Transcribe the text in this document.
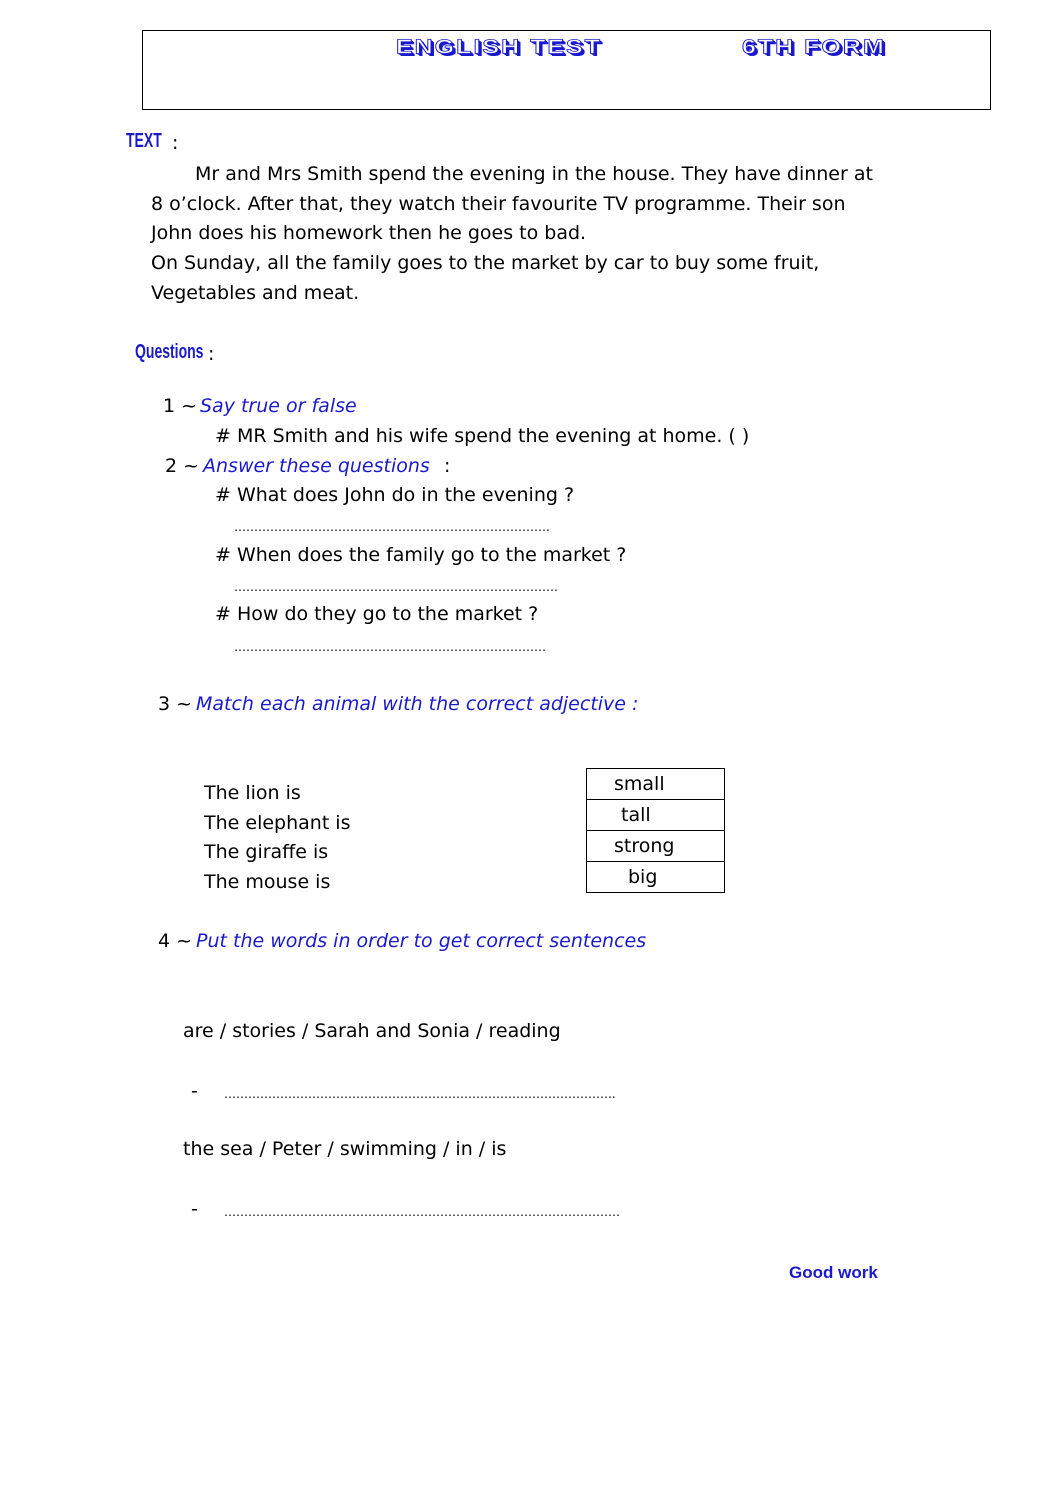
ENGLISH TEST	6TH FORM
TEXT :
Mr and Mrs Smith spend the evening in the house. They have dinner at
8 o’clock. After that, they watch their favourite TV programme. Their son
John does his homework then he goes to bad.
On Sunday, all the family goes to the market by car to buy some fruit,
Vegetables and meat.
Questions :
1 ~ Say true or false
# MR Smith and his wife spend the evening at home. ( )
2 ~ Answer these questions :
# What does John do in the evening ?
…………………………………………………………………….
# When does the family go to the market ?
………………………………………………………………………
# How do they go to the market ?
……………………………………………………………………
3 ~ Match each animal with the correct adjective :
The lion is
The elephant is
The giraffe is
The mouse is
small
tall
strong
big
4 ~ Put the words in order to get correct sentences
are / stories / Sarah and Sonia / reading
- ……………………………………………………………………………………..
the sea / Peter / swimming / in / is
- ………………………………………………………………………………………
Good work
